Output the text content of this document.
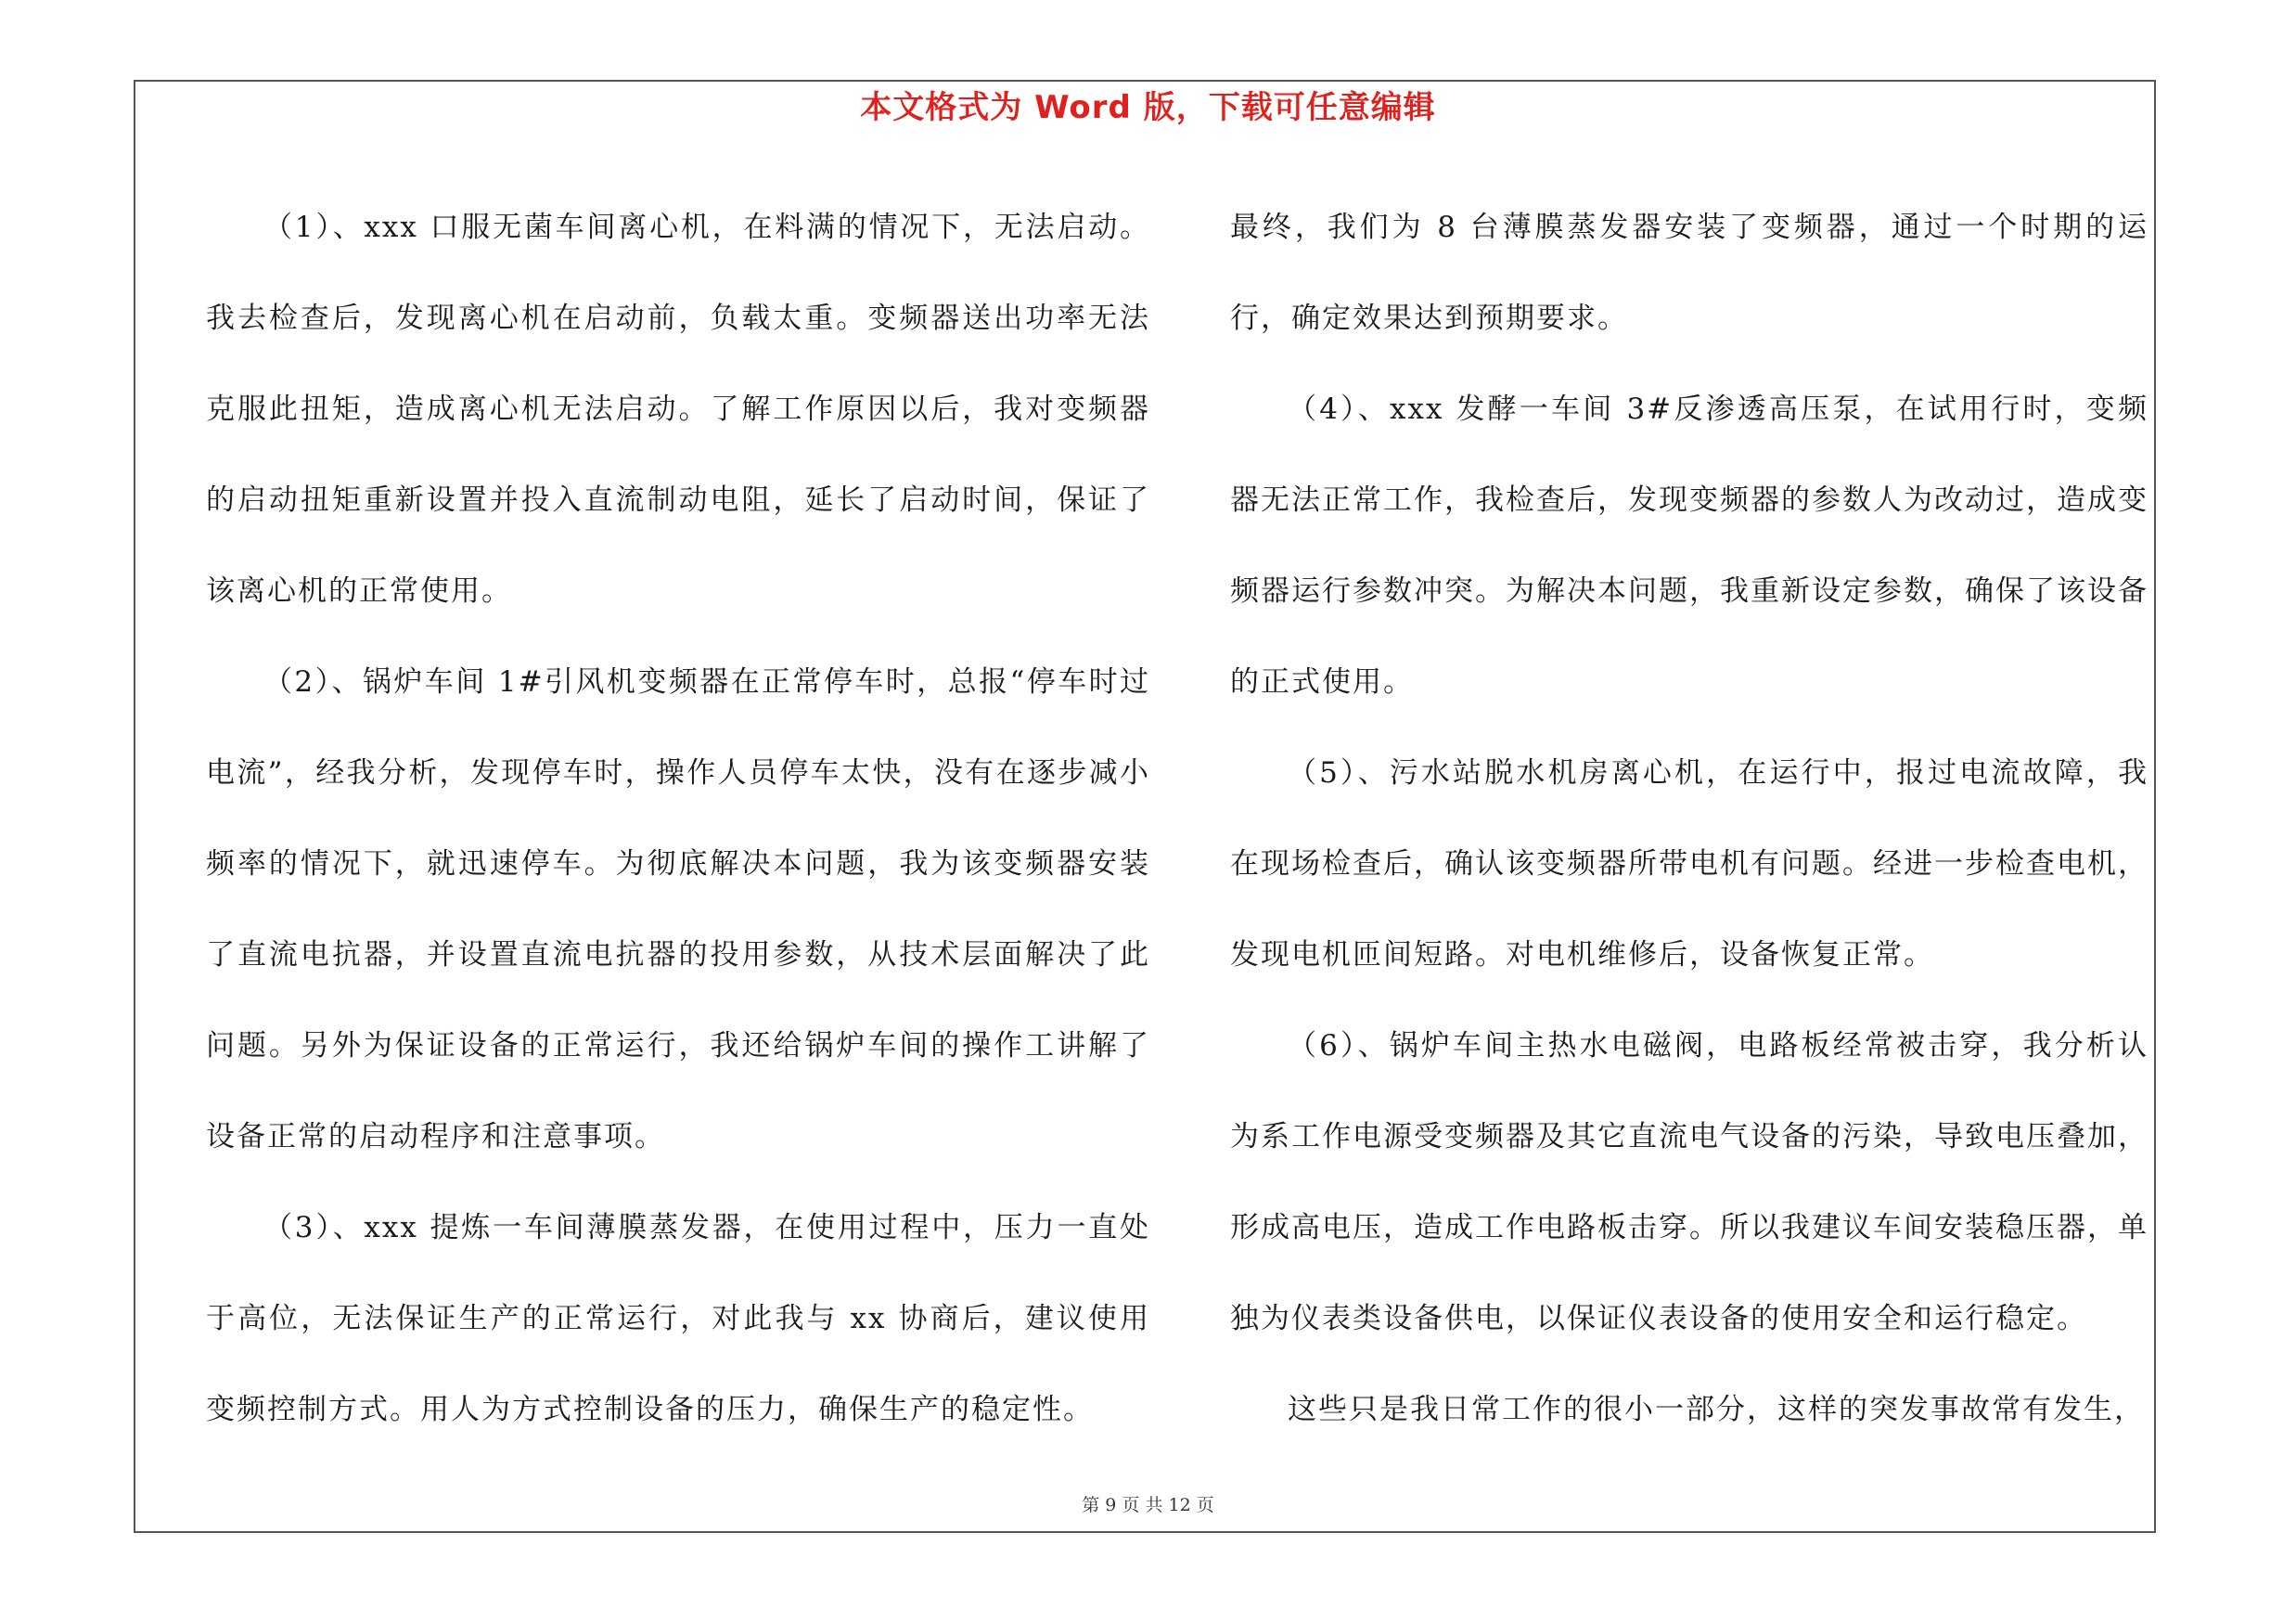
本文格式为 Word 版，下载可任意编辑

（1）、xxx 口服无菌车间离心机，在料满的情况下，无法启动。我去检查后，发现离心机在启动前，负载太重。变频器送出功率无法克服此扭矩，造成离心机无法启动。了解工作原因以后，我对变频器的启动扭矩重新设置并投入直流制动电阻，延长了启动时间，保证了该离心机的正常使用。

（2）、锅炉车间 1#引风机变频器在正常停车时，总报“停车时过电流”，经我分析，发现停车时，操作人员停车太快，没有在逐步减小频率的情况下，就迅速停车。为彻底解决本问题，我为该变频器安装了直流电抗器，并设置直流电抗器的投用参数，从技术层面解决了此问题。另外为保证设备的正常运行，我还给锅炉车间的操作工讲解了设备正常的启动程序和注意事项。

（3）、xxx 提炼一车间薄膜蒸发器，在使用过程中，压力一直处于高位，无法保证生产的正常运行，对此我与 xx 协商后，建议使用变频控制方式。用人为方式控制设备的压力，确保生产的稳定性。

最终，我们为 8 台薄膜蒸发器安装了变频器，通过一个时期的运行，确定效果达到预期要求。

（4）、xxx 发酵一车间 3#反渗透高压泵，在试用行时，变频器无法正常工作，我检查后，发现变频器的参数人为改动过，造成变频器运行参数冲突。为解决本问题，我重新设定参数，确保了该设备的正式使用。

（5）、污水站脱水机房离心机，在运行中，报过电流故障，我在现场检查后，确认该变频器所带电机有问题。经进一步检查电机，发现电机匝间短路。对电机维修后，设备恢复正常。

（6）、锅炉车间主热水电磁阀，电路板经常被击穿，我分析认为系工作电源受变频器及其它直流电气设备的污染，导致电压叠加，形成高电压，造成工作电路板击穿。所以我建议车间安装稳压器，单独为仪表类设备供电，以保证仪表设备的使用安全和运行稳定。

这些只是我日常工作的很小一部分，这样的突发事故常有发生，

第 9 页 共 12 页
